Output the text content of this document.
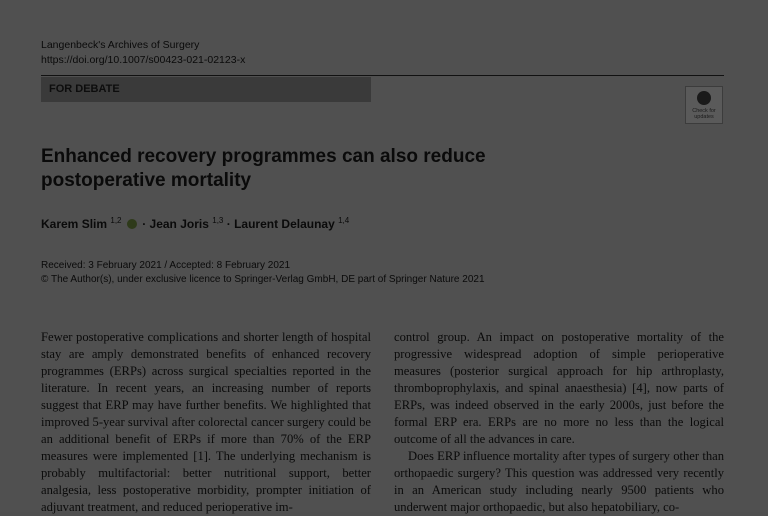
Langenbeck's Archives of Surgery
https://doi.org/10.1007/s00423-021-02123-x
FOR DEBATE
Check for updates
Enhanced recovery programmes can also reduce postoperative mortality
Karem Slim $^{1,2}$ · Jean Joris $^{1,3}$ · Laurent Delaunay $^{1,4}$
Received: 3 February 2021 / Accepted: 8 February 2021
© The Author(s), under exclusive licence to Springer-Verlag GmbH, DE part of Springer Nature 2021

Fewer postoperative complications and shorter length of hospital stay are amply demonstrated benefits of enhanced recovery programmes (ERPs) across surgical specialties reported in the literature. In recent years, an increasing number of reports suggest that ERP may have further benefits. We highlighted that improved 5-year survival after colorectal cancer surgery could be an additional benefit of ERPs if more than 70% of the ERP measures were implemented [1]. The underlying mechanism is probably multifactorial: better nutritional support, better analgesia, less postoperative morbidity, prompter initiation of adjuvant treatment, and reduced perioperative im-

control group. An impact on postoperative mortality of the progressive widespread adoption of simple perioperative measures (posterior surgical approach for hip arthroplasty, thromboprophylaxis, and spinal anaesthesia) [4], now parts of ERPs, was indeed observed in the early 2000s, just before the formal ERP era. ERPs are no more no less than the logical outcome of all the advances in care.

Does ERP influence mortality after types of surgery other than orthopaedic surgery? This question was addressed very recently in an American study including nearly 9500 patients who underwent major orthopaedic, but also hepatobiliary, co-
